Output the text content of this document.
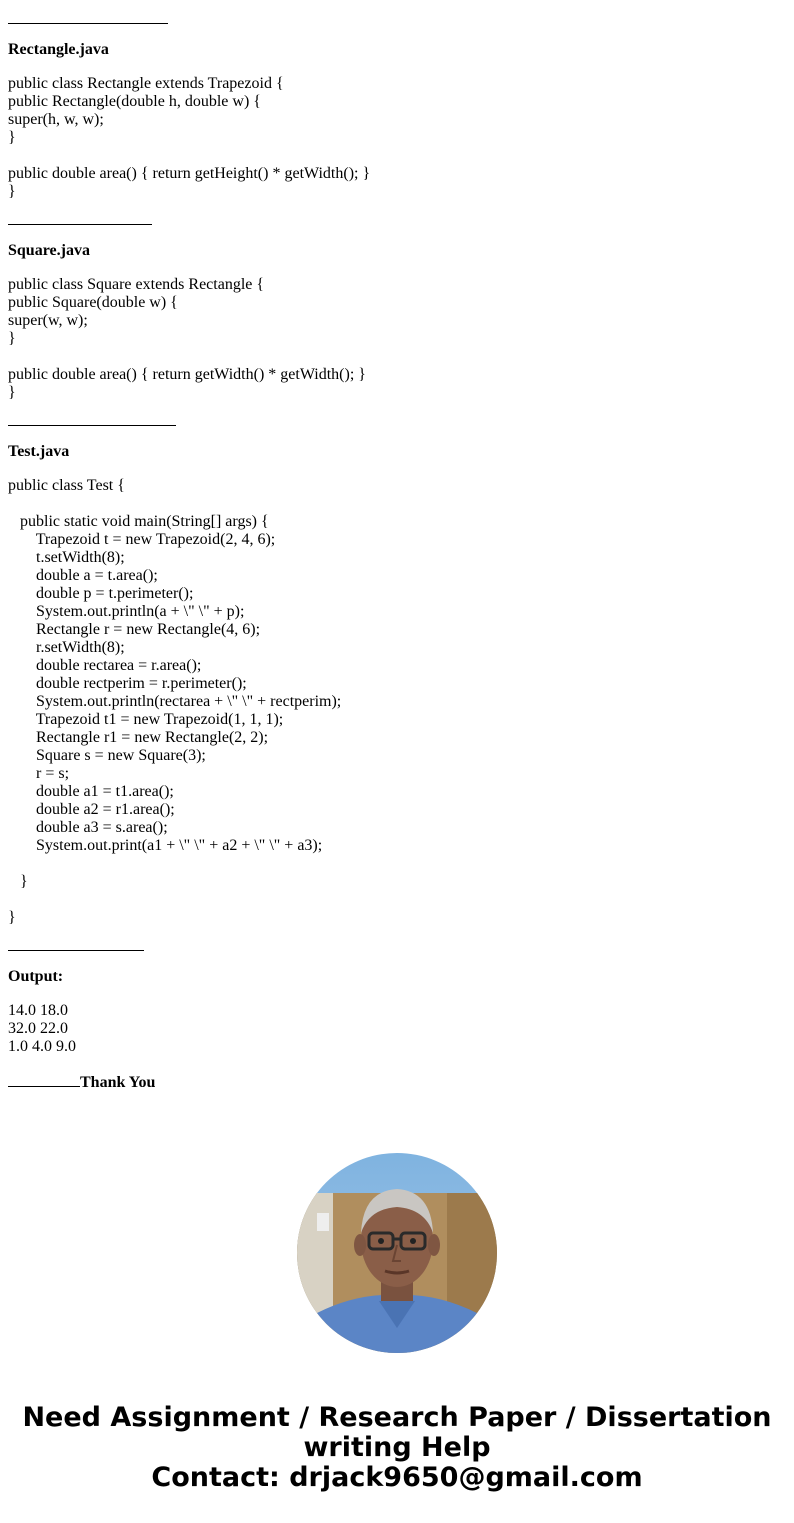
Rectangle.java
public class Rectangle extends Trapezoid {
public Rectangle(double h, double w) {
super(h, w, w);
}

public double area() { return getHeight() * getWidth(); }
}
Square.java
public class Square extends Rectangle {
public Square(double w) {
super(w, w);
}

public double area() { return getWidth() * getWidth(); }
}
Test.java
public class Test {

public static void main(String[] args) {
Trapezoid t = new Trapezoid(2, 4, 6);
t.setWidth(8);
double a = t.area();
double p = t.perimeter();
System.out.println(a + \" \" + p);
Rectangle r = new Rectangle(4, 6);
r.setWidth(8);
double rectarea = r.area();
double rectperim = r.perimeter();
System.out.println(rectarea + \" \" + rectperim);
Trapezoid t1 = new Trapezoid(1, 1, 1);
Rectangle r1 = new Rectangle(2, 2);
Square s = new Square(3);
r = s;
double a1 = t1.area();
double a2 = r1.area();
double a3 = s.area();
System.out.print(a1 + \" \" + a2 + \" \" + a3);

}

}
Output:
14.0 18.0
32.0 22.0
1.0 4.0 9.0
Thank You
Need Assignment / Research Paper / Dissertation
writing Help
Contact: drjack9650@gmail.com
